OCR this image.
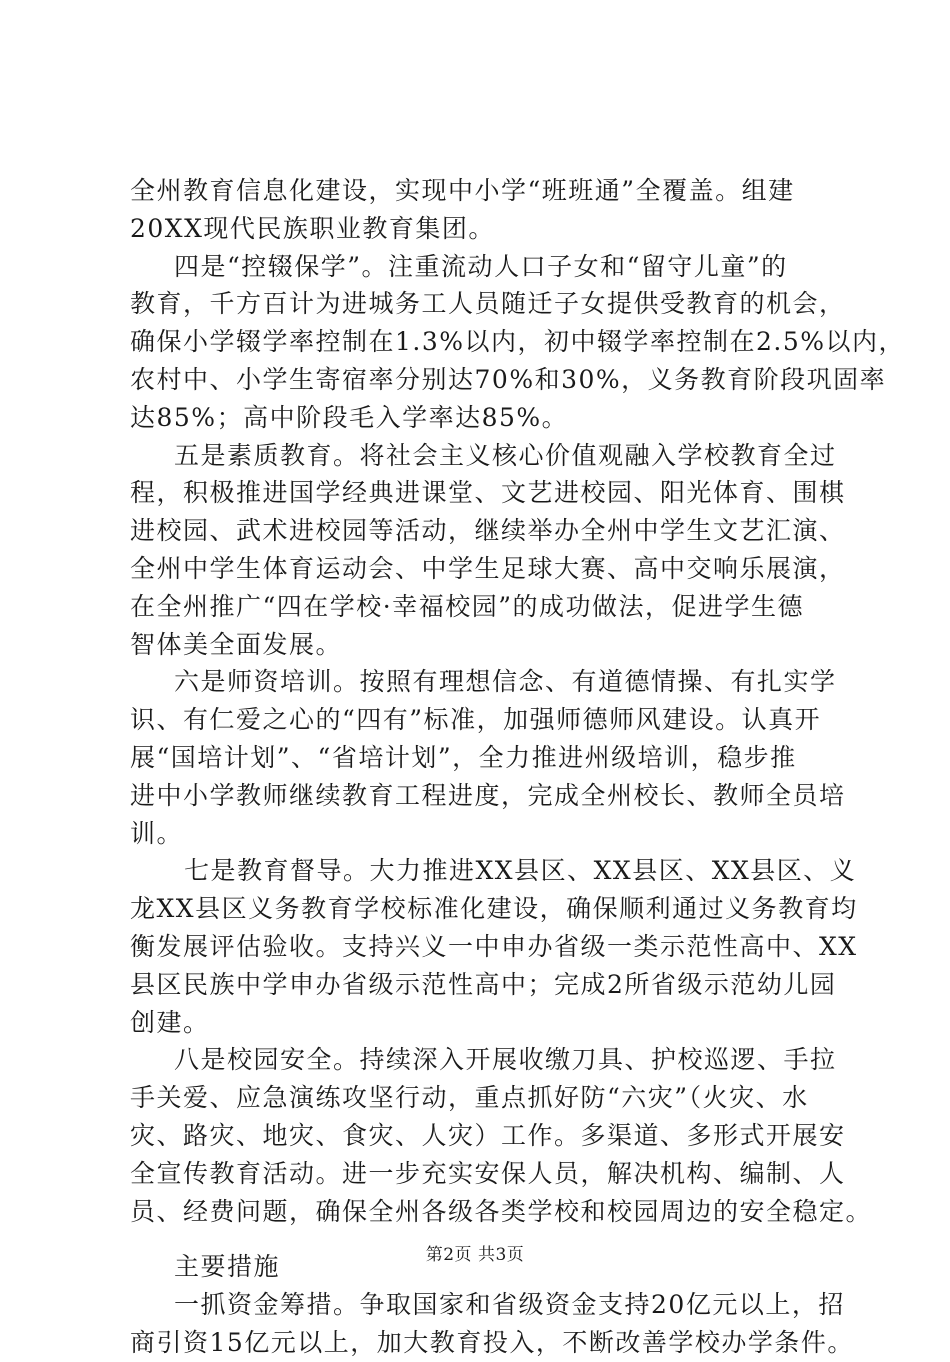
全州教育信息化建设，实现中小学“班班通”全覆盖。组建
20XX现代民族职业教育集团。
四是“控辍保学”。注重流动人口子女和“留守儿童”的
教育，千方百计为进城务工人员随迁子女提供受教育的机会，
确保小学辍学率控制在1.3%以内，初中辍学率控制在2.5%以内，
农村中、小学生寄宿率分别达70%和30%，义务教育阶段巩固率
达85%；高中阶段毛入学率达85%。
五是素质教育。将社会主义核心价值观融入学校教育全过
程，积极推进国学经典进课堂、文艺进校园、阳光体育、围棋
进校园、武术进校园等活动，继续举办全州中学生文艺汇演、
全州中学生体育运动会、中学生足球大赛、高中交响乐展演，
在全州推广“四在学校·幸福校园”的成功做法，促进学生德
智体美全面发展。
六是师资培训。按照有理想信念、有道德情操、有扎实学
识、有仁爱之心的“四有”标准，加强师德师风建设。认真开
展“国培计划”、“省培计划”，全力推进州级培训，稳步推
进中小学教师继续教育工程进度，完成全州校长、教师全员培
训。
七是教育督导。大力推进XX县区、XX县区、XX县区、义
龙XX县区义务教育学校标准化建设，确保顺利通过义务教育均
衡发展评估验收。支持兴义一中申办省级一类示范性高中、XX
县区民族中学申办省级示范性高中；完成2所省级示范幼儿园
创建。
八是校园安全。持续深入开展收缴刀具、护校巡逻、手拉
手关爱、应急演练攻坚行动，重点抓好防“六灾”（火灾、水
灾、路灾、地灾、食灾、人灾）工作。多渠道、多形式开展安
全宣传教育活动。进一步充实安保人员，解决机构、编制、人
员、经费问题，确保全州各级各类学校和校园周边的安全稳定。
主要措施
一抓资金筹措。争取国家和省级资金支持20亿元以上，招
商引资15亿元以上，加大教育投入，不断改善学校办学条件。
第2页 共3页
